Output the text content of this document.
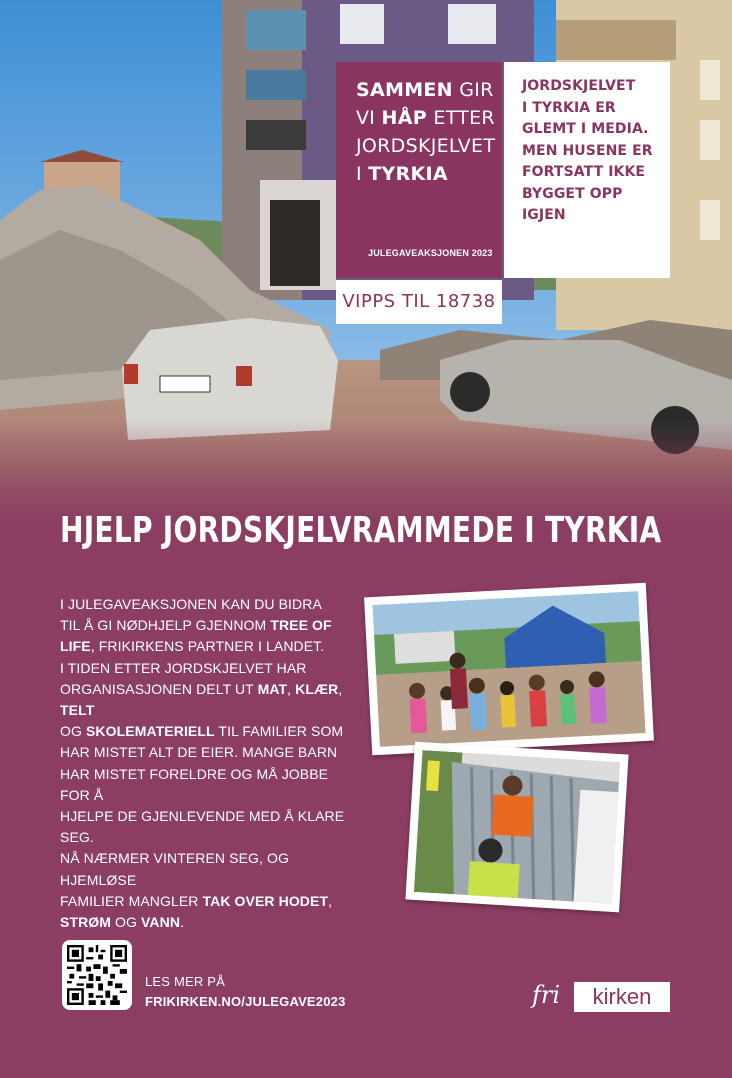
SAMMEN GIR
VI HÅP ETTER
JORDSKJELVET
I TYRKIA
JULEGAVEAKSJONEN 2023
JORDSKJELVET
I TYRKIA ER
GLEMT I MEDIA.
MEN HUSENE ER
FORTSATT IKKE
BYGGET OPP IGJEN
VIPPS TIL 18738
HJELP JORDSKJELVRAMMEDE I TYRKIA
I JULEGAVEAKSJONEN KAN DU BIDRA
TIL Å GI NØDHJELP GJENNOM TREE OF
LIFE, FRIKIRKENS PARTNER I LANDET.
I TIDEN ETTER JORDSKJELVET HAR
ORGANISASJONEN DELT UT MAT, KLÆR, TELT
OG SKOLEMATERIELL TIL FAMILIER SOM
HAR MISTET ALT DE EIER. MANGE BARN
HAR MISTET FORELDRE OG MÅ JOBBE FOR Å
HJELPE DE GJENLEVENDE MED Å KLARE SEG.
NÅ NÆRMER VINTEREN SEG, OG HJEMLØSE
FAMILIER MANGLER TAK OVER HODET,
STRØM OG VANN.
LES MER PÅ
FRIKIRKEN.NO/JULEGAVE2023	fri	kirken
